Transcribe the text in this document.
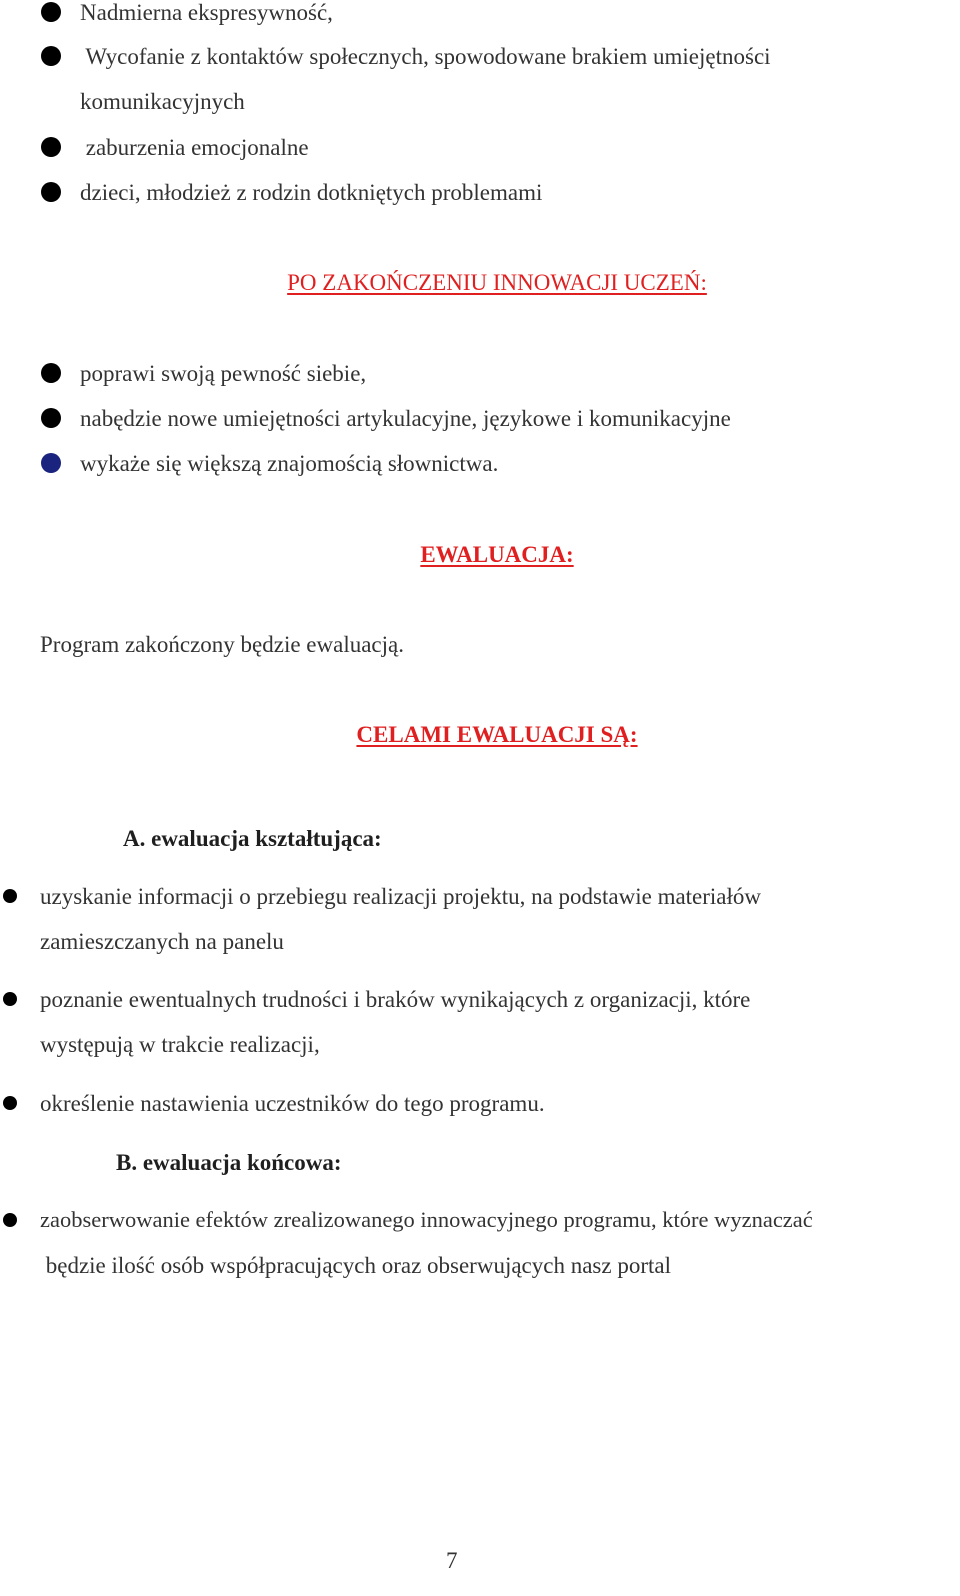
Nadmierna ekspresywność,
Wycofanie z kontaktów społecznych, spowodowane brakiem umiejętności
komunikacyjnych
zaburzenia emocjonalne
dzieci, młodzież z rodzin dotkniętych problemami
PO ZAKOŃCZENIU INNOWACJI UCZEŃ:
poprawi swoją pewność siebie,
nabędzie nowe umiejętności artykulacyjne, językowe i komunikacyjne
wykaże się większą znajomością słownictwa.
EWALUACJA:
Program zakończony będzie ewaluacją.
CELAMI EWALUACJI SĄ:
A. ewaluacja kształtująca:
uzyskanie informacji o przebiegu realizacji projektu, na podstawie materiałów
zamieszczanych na panelu
poznanie ewentualnych trudności i braków wynikających z organizacji, które
występują w trakcie realizacji,
określenie nastawienia uczestników do tego programu.
B. ewaluacja końcowa:
zaobserwowanie efektów zrealizowanego innowacyjnego programu, które wyznaczać
będzie ilość osób współpracujących oraz obserwujących nasz portal
7
